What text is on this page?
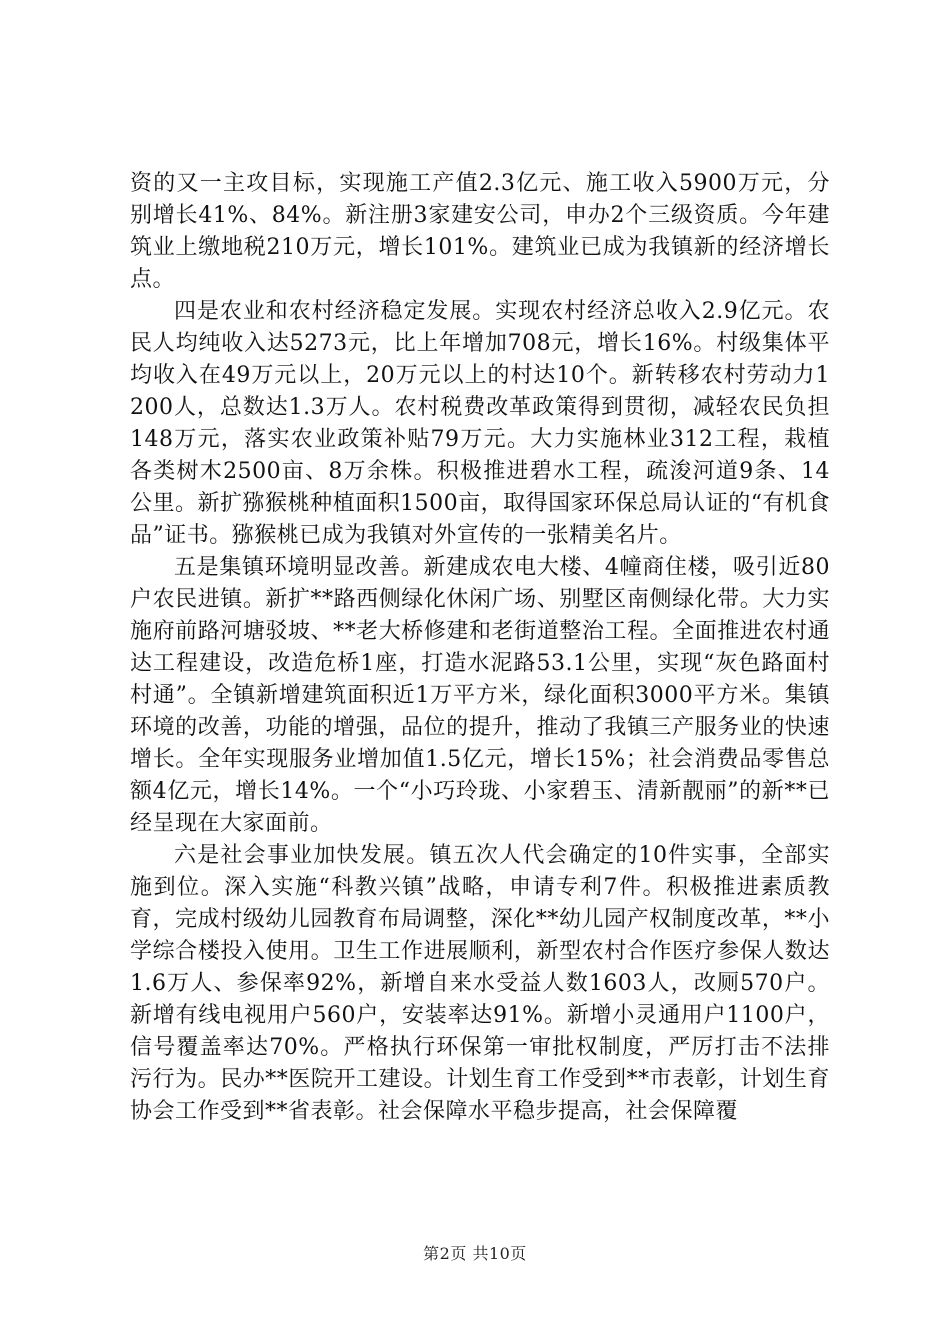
资的又一主攻目标，实现施工产值2.3亿元、施工收入5900万元，分别增长41%、84%。新注册3家建安公司，申办2个三级资质。今年建筑业上缴地税210万元，增长101%。建筑业已成为我镇新的经济增长点。

四是农业和农村经济稳定发展。实现农村经济总收入2.9亿元。农民人均纯收入达5273元，比上年增加708元，增长16%。村级集体平均收入在49万元以上，20万元以上的村达10个。新转移农村劳动力1200人，总数达1.3万人。农村税费改革政策得到贯彻，减轻农民负担148万元，落实农业政策补贴79万元。大力实施林业312工程，栽植各类树木2500亩、8万余株。积极推进碧水工程，疏浚河道9条、14公里。新扩猕猴桃种植面积1500亩，取得国家环保总局认证的“有机食品”证书。猕猴桃已成为我镇对外宣传的一张精美名片。

五是集镇环境明显改善。新建成农电大楼、4幢商住楼，吸引近80户农民进镇。新扩**路西侧绿化休闲广场、别墅区南侧绿化带。大力实施府前路河塘驳坡、**老大桥修建和老街道整治工程。全面推进农村通达工程建设，改造危桥1座，打造水泥路53.1公里，实现“灰色路面村村通”。全镇新增建筑面积近1万平方米，绿化面积3000平方米。集镇环境的改善，功能的增强，品位的提升，推动了我镇三产服务业的快速增长。全年实现服务业增加值1.5亿元，增长15%；社会消费品零售总额4亿元，增长14%。一个“小巧玲珑、小家碧玉、清新靓丽”的新**已经呈现在大家面前。

六是社会事业加快发展。镇五次人代会确定的10件实事，全部实施到位。深入实施“科教兴镇”战略，申请专利7件。积极推进素质教育，完成村级幼儿园教育布局调整，深化**幼儿园产权制度改革，**小学综合楼投入使用。卫生工作进展顺利，新型农村合作医疗参保人数达1.6万人、参保率92%，新增自来水受益人数1603人，改厕570户。新增有线电视用户560户，安装率达91%。新增小灵通用户1100户，信号覆盖率达70%。严格执行环保第一审批权制度，严厉打击不法排污行为。民办**医院开工建设。计划生育工作受到**市表彰，计划生育协会工作受到**省表彰。社会保障水平稳步提高，社会保障覆

第2页 共10页
